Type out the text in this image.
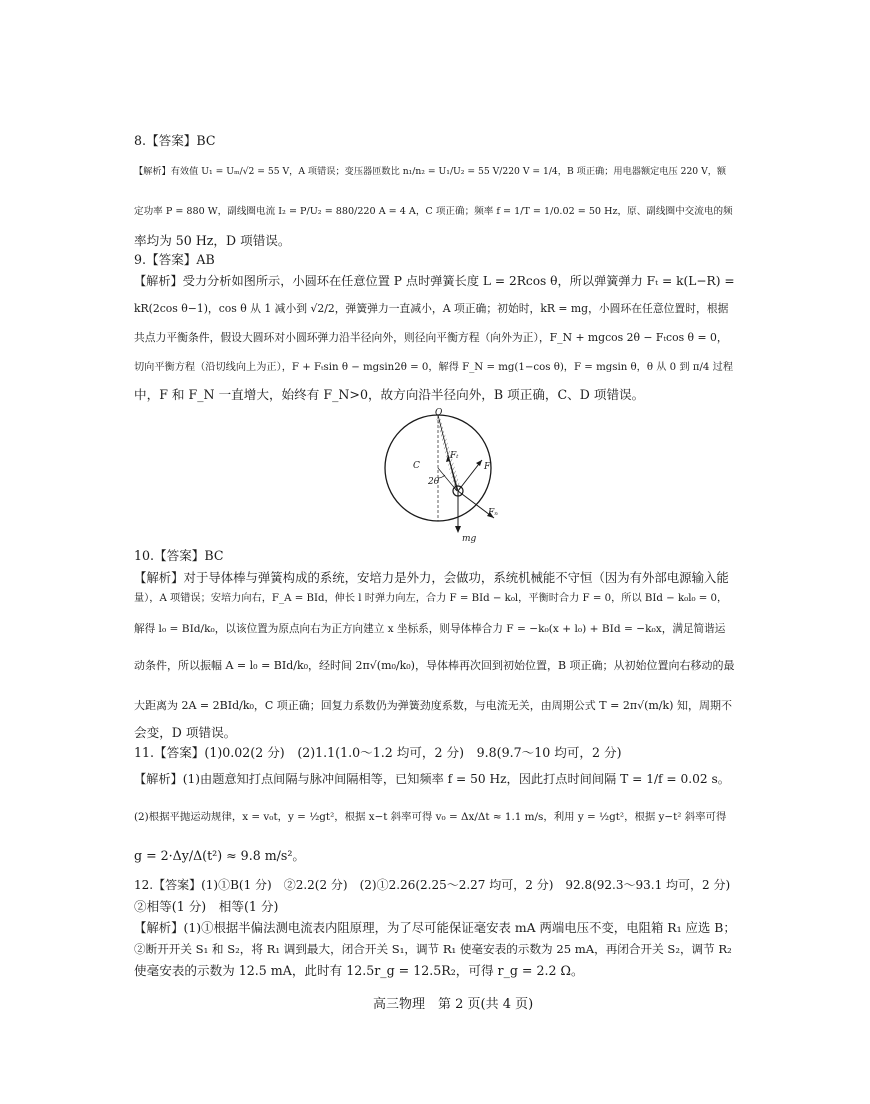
8.【答案】BC
【解析】有效值 U₁ = Uₘ/√2 = 55 V，A 项错误；变压器匝数比 n₁/n₂ = U₁/U₂ = 55 V/220 V = 1/4，B 项正确；用电器额定电压 220 V，额
定功率 P = 880 W，副线圈电流 I₂ = P/U₂ = 880/220 A = 4 A，C 项正确；频率 f = 1/T = 1/0.02 = 50 Hz，原、副线圈中交流电的频
率均为 50 Hz，D 项错误。
9.【答案】AB
【解析】受力分析如图所示，小圆环在任意位置 P 点时弹簧长度 L = 2Rcos θ，所以弹簧弹力 Fₜ = k(L−R) =
kR(2cos θ−1)，cos θ 从 1 减小到 √2/2，弹簧弹力一直减小，A 项正确；初始时，kR = mg，小圆环在任意位置时，根据
共点力平衡条件，假设大圆环对小圆环弹力沿半径向外，则径向平衡方程（向外为正），F_N + mgcos 2θ − Fₜcos θ = 0，
切向平衡方程（沿切线向上为正），F + Fₜsin θ − mgsin2θ = 0，解得 F_N = mg(1−cos θ)，F = mgsin θ，θ 从 0 到 π/4 过程
中，F 和 F_N 一直增大，始终有 F_N>0，故方向沿半径向外，B 项正确，C、D 项错误。
O
C
Fₜ
F
2θ
Fₙ
mg
10.【答案】BC
【解析】对于导体棒与弹簧构成的系统，安培力是外力，会做功，系统机械能不守恒（因为有外部电源输入能
量），A 项错误；安培力向右，F_A = BId，伸长 l 时弹力向左，合力 F = BId − k₀l，平衡时合力 F = 0，所以 BId − k₀l₀ = 0，
解得 l₀ = BId/k₀，以该位置为原点向右为正方向建立 x 坐标系，则导体棒合力 F = −k₀(x + l₀) + BId = −k₀x，满足简谐运
动条件，所以振幅 A = l₀ = BId/k₀，经时间 2π√(m₀/k₀)，导体棒再次回到初始位置，B 项正确；从初始位置向右移动的最
大距离为 2A = 2BId/k₀，C 项正确；回复力系数仍为弹簧劲度系数，与电流无关，由周期公式 T = 2π√(m/k) 知，周期不
会变，D 项错误。
11.【答案】(1)0.02(2 分)　(2)1.1(1.0～1.2 均可，2 分)　9.8(9.7～10 均可，2 分)
【解析】(1)由题意知打点间隔与脉冲间隔相等，已知频率 f = 50 Hz，因此打点时间间隔 T = 1/f = 0.02 s。
(2)根据平抛运动规律，x = v₀t，y = ½gt²，根据 x−t 斜率可得 v₀ = Δx/Δt ≈ 1.1 m/s，利用 y = ½gt²，根据 y−t² 斜率可得
g = 2·Δy/Δ(t²) ≈ 9.8 m/s²。
12.【答案】(1)①B(1 分)　②2.2(2 分)　(2)①2.26(2.25～2.27 均可，2 分)　92.8(92.3～93.1 均可，2 分)
②相等(1 分)　相等(1 分)
【解析】(1)①根据半偏法测电流表内阻原理，为了尽可能保证毫安表 mA 两端电压不变，电阻箱 R₁ 应选 B；
②断开开关 S₁ 和 S₂，将 R₁ 调到最大，闭合开关 S₁，调节 R₁ 使毫安表的示数为 25 mA，再闭合开关 S₂，调节 R₂
使毫安表的示数为 12.5 mA，此时有 12.5r_g = 12.5R₂，可得 r_g = 2.2 Ω。
高三物理　第 2 页(共 4 页)
